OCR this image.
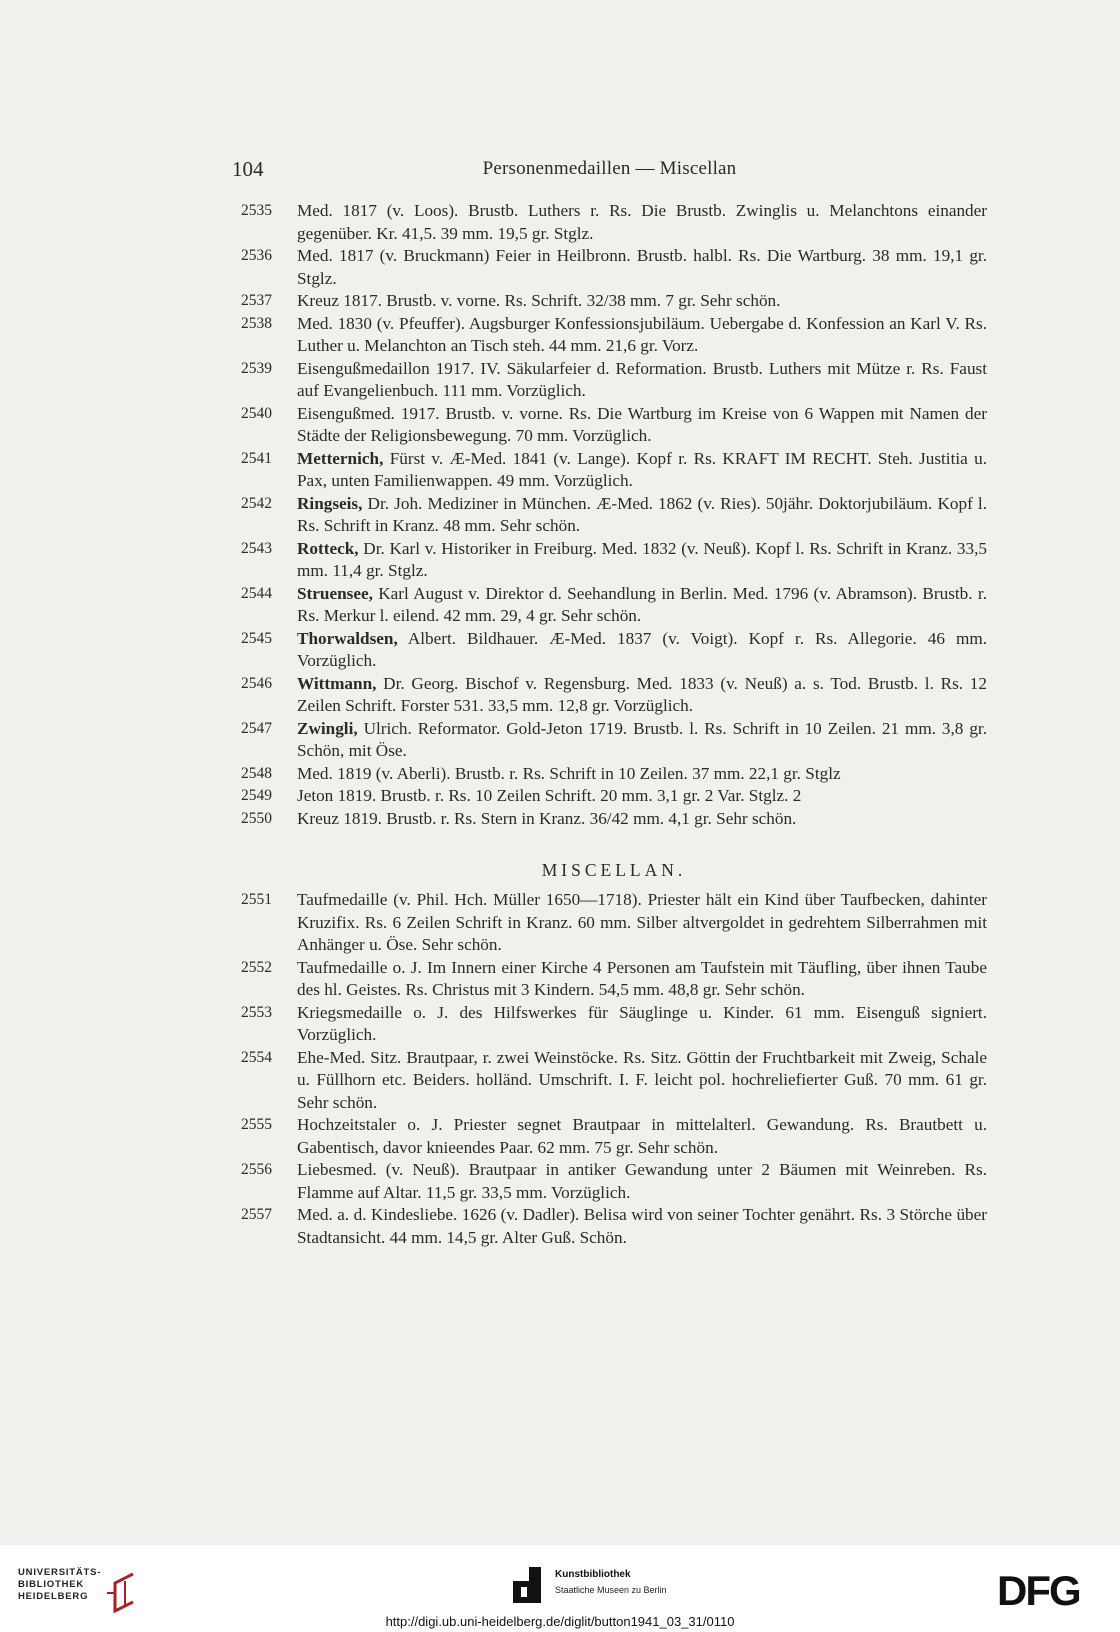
104	Personenmedaillen — Miscellan
2535 Med. 1817 (v. Loos). Brustb. Luthers r. Rs. Die Brustb. Zwinglis u. Melanchtons einander gegenüber. Kr. 41,5. 39 mm. 19,5 gr. Stglz.
2536 Med. 1817 (v. Bruckmann) Feier in Heilbronn. Brustb. halbl. Rs. Die Wartburg. 38 mm. 19,1 gr. Stglz.
2537 Kreuz 1817. Brustb. v. vorne. Rs. Schrift. 32/38 mm. 7 gr. Sehr schön.
2538 Med. 1830 (v. Pfeuffer). Augsburger Konfessionsjubiläum. Uebergabe d. Konfession an Karl V. Rs. Luther u. Melanchton an Tisch steh. 44 mm. 21,6 gr. Vorz.
2539 Eisengußmedaillon 1917. IV. Säkularfeier d. Reformation. Brustb. Luthers mit Mütze r. Rs. Faust auf Evangelienbuch. 111 mm. Vorzüglich.
2540 Eisengußmed. 1917. Brustb. v. vorne. Rs. Die Wartburg im Kreise von 6 Wappen mit Namen der Städte der Religionsbewegung. 70 mm. Vorzüglich.
2541 Metternich, Fürst v. Æ-Med. 1841 (v. Lange). Kopf r. Rs. KRAFT IM RECHT. Steh. Justitia u. Pax, unten Familienwappen. 49 mm. Vorzüglich.
2542 Ringseis, Dr. Joh. Mediziner in München. Æ-Med. 1862 (v. Ries). 50jähr. Doktorjubiläum. Kopf l. Rs. Schrift in Kranz. 48 mm. Sehr schön.
2543 Rotteck, Dr. Karl v. Historiker in Freiburg. Med. 1832 (v. Neuß). Kopf l. Rs. Schrift in Kranz. 33,5 mm. 11,4 gr. Stglz.
2544 Struensee, Karl August v. Direktor d. Seehandlung in Berlin. Med. 1796 (v. Abramson). Brustb. r. Rs. Merkur l. eilend. 42 mm. 29, 4 gr. Sehr schön.
2545 Thorwaldsen, Albert. Bildhauer. Æ-Med. 1837 (v. Voigt). Kopf r. Rs. Allegorie. 46 mm. Vorzüglich.
2546 Wittmann, Dr. Georg. Bischof v. Regensburg. Med. 1833 (v. Neuß) a. s. Tod. Brustb. l. Rs. 12 Zeilen Schrift. Forster 531. 33,5 mm. 12,8 gr. Vorzüglich.
2547 Zwingli, Ulrich. Reformator. Gold-Jeton 1719. Brustb. l. Rs. Schrift in 10 Zeilen. 21 mm. 3,8 gr. Schön, mit Öse.
2548 Med. 1819 (v. Aberli). Brustb. r. Rs. Schrift in 10 Zeilen. 37 mm. 22,1 gr. Stglz
2549 Jeton 1819. Brustb. r. Rs. 10 Zeilen Schrift. 20 mm. 3,1 gr. 2 Var. Stglz. 2
2550 Kreuz 1819. Brustb. r. Rs. Stern in Kranz. 36/42 mm. 4,1 gr. Sehr schön.
MISCELLAN.
2551 Taufmedaille (v. Phil. Hch. Müller 1650—1718). Priester hält ein Kind über Taufbecken, dahinter Kruzifix. Rs. 6 Zeilen Schrift in Kranz. 60 mm. Silber altvergoldet in gedrehtem Silberrahmen mit Anhänger u. Öse. Sehr schön.
2552 Taufmedaille o. J. Im Innern einer Kirche 4 Personen am Taufstein mit Täufling, über ihnen Taube des hl. Geistes. Rs. Christus mit 3 Kindern. 54,5 mm. 48,8 gr. Sehr schön.
2553 Kriegsmedaille o. J. des Hilfswerkes für Säuglinge u. Kinder. 61 mm. Eisenguß signiert. Vorzüglich.
2554 Ehe-Med. Sitz. Brautpaar, r. zwei Weinstöcke. Rs. Sitz. Göttin der Fruchtbarkeit mit Zweig, Schale u. Füllhorn etc. Beiders. holländ. Umschrift. I. F. leicht pol. hochreliefierter Guß. 70 mm. 61 gr. Sehr schön.
2555 Hochzeitstaler o. J. Priester segnet Brautpaar in mittelalterl. Gewandung. Rs. Brautbett u. Gabentisch, davor knieendes Paar. 62 mm. 75 gr. Sehr schön.
2556 Liebesmed. (v. Neuß). Brautpaar in antiker Gewandung unter 2 Bäumen mit Weinreben. Rs. Flamme auf Altar. 11,5 gr. 33,5 mm. Vorzüglich.
2557 Med. a. d. Kindesliebe. 1626 (v. Dadler). Belisa wird von seiner Tochter genährt. Rs. 3 Störche über Stadtansicht. 44 mm. 14,5 gr. Alter Guß. Schön.
UNIVERSITÄTS-
BIBLIOTHEK
HEIDELBERG
Kunstbibliothek
Staatliche Museen zu Berlin	DFG
http://digi.ub.uni-heidelberg.de/diglit/button1941_03_31/0110
